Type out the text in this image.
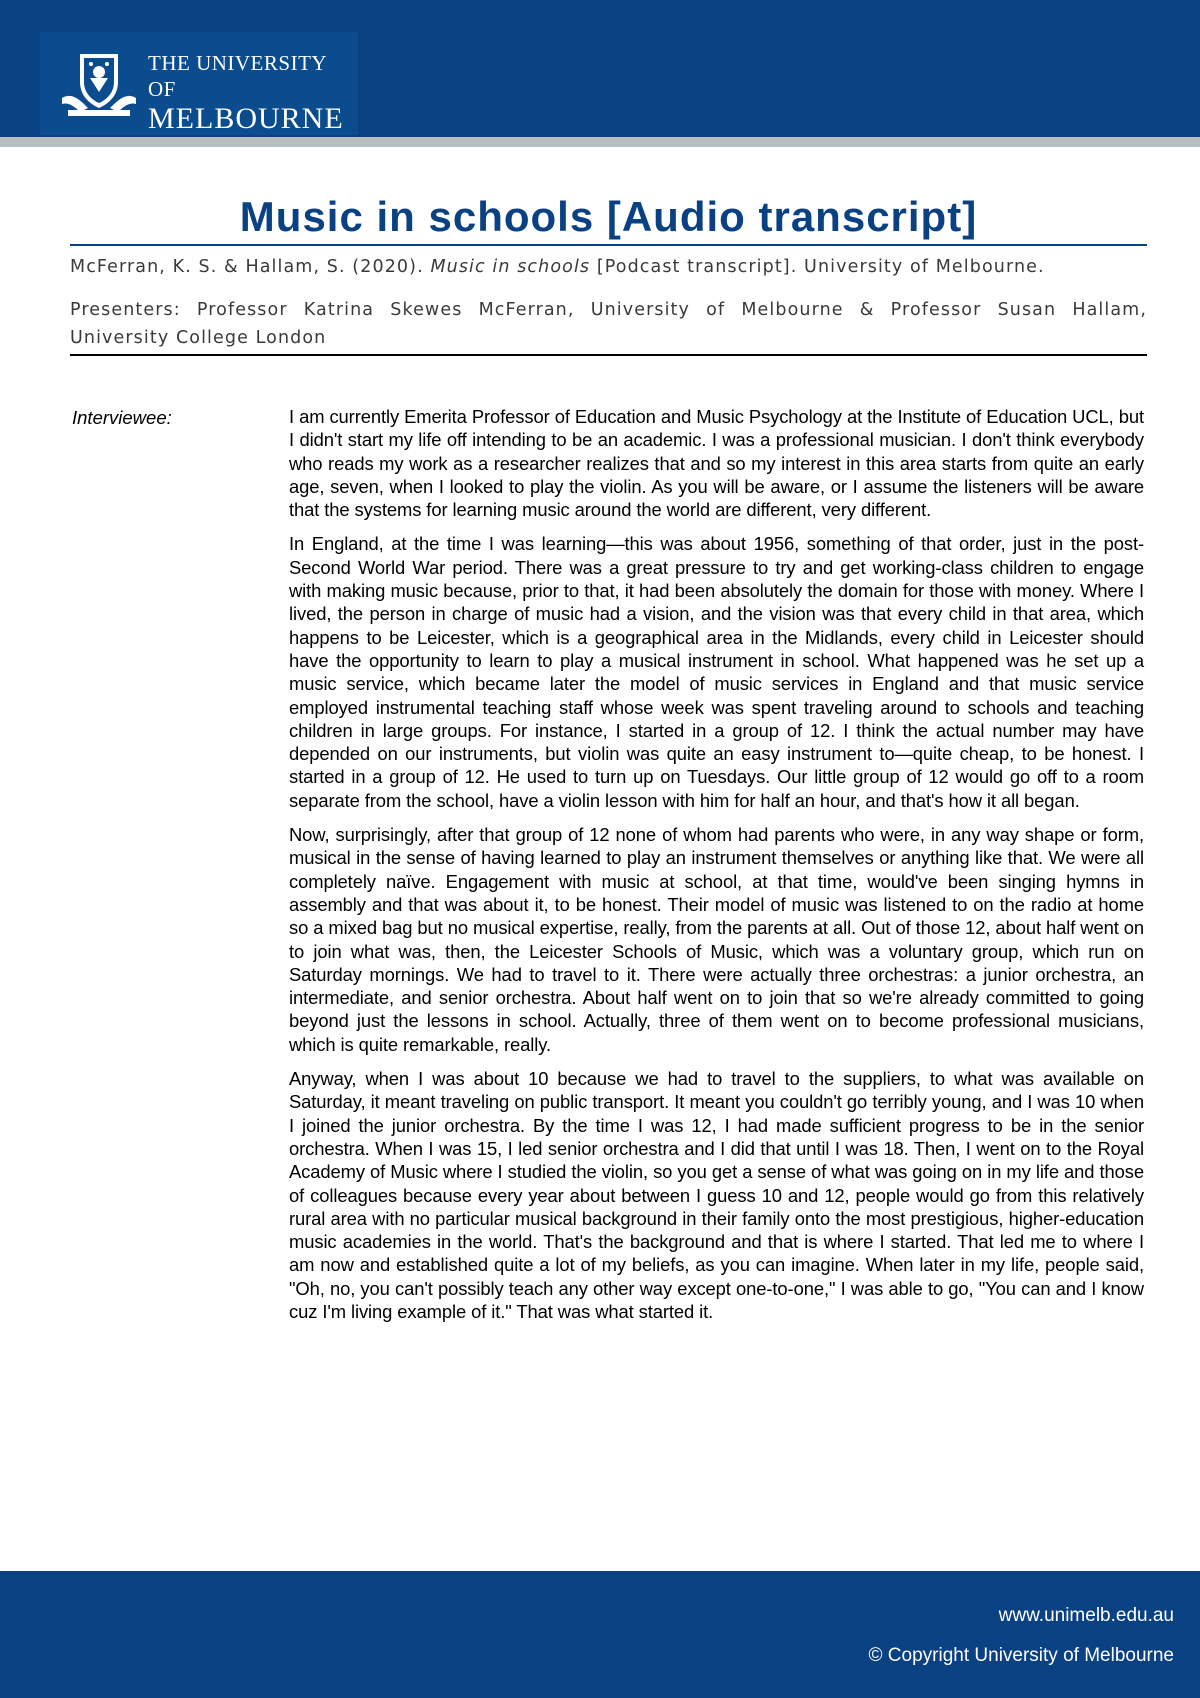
THE UNIVERSITY OF
MELBOURNE
Music in schools [Audio transcript]

McFerran, K. S. & Hallam, S. (2020). Music in schools [Podcast transcript]. University of Melbourne.

Presenters: Professor Katrina Skewes McFerran, University of Melbourne & Professor Susan Hallam, University College London

Interviewee:	I am currently Emerita Professor of Education and Music Psychology at the Institute of Education UCL, but I didn't start my life off intending to be an academic. I was a professional musician. I don't think everybody who reads my work as a researcher realizes that and so my interest in this area starts from quite an early age, seven, when I looked to play the violin. As you will be aware, or I assume the listeners will be aware that the systems for learning music around the world are different, very different.

In England, at the time I was learning—this was about 1956, something of that order, just in the post-Second World War period. There was a great pressure to try and get working-class children to engage with making music because, prior to that, it had been absolutely the domain for those with money. Where I lived, the person in charge of music had a vision, and the vision was that every child in that area, which happens to be Leicester, which is a geographical area in the Midlands, every child in Leicester should have the opportunity to learn to play a musical instrument in school. What happened was he set up a music service, which became later the model of music services in England and that music service employed instrumental teaching staff whose week was spent traveling around to schools and teaching children in large groups. For instance, I started in a group of 12. I think the actual number may have depended on our instruments, but violin was quite an easy instrument to—quite cheap, to be honest. I started in a group of 12. He used to turn up on Tuesdays. Our little group of 12 would go off to a room separate from the school, have a violin lesson with him for half an hour, and that's how it all began.

Now, surprisingly, after that group of 12 none of whom had parents who were, in any way shape or form, musical in the sense of having learned to play an instrument themselves or anything like that. We were all completely naïve. Engagement with music at school, at that time, would've been singing hymns in assembly and that was about it, to be honest. Their model of music was listened to on the radio at home so a mixed bag but no musical expertise, really, from the parents at all. Out of those 12, about half went on to join what was, then, the Leicester Schools of Music, which was a voluntary group, which run on Saturday mornings. We had to travel to it. There were actually three orchestras: a junior orchestra, an intermediate, and senior orchestra. About half went on to join that so we're already committed to going beyond just the lessons in school. Actually, three of them went on to become professional musicians, which is quite remarkable, really.

Anyway, when I was about 10 because we had to travel to the suppliers, to what was available on Saturday, it meant traveling on public transport. It meant you couldn't go terribly young, and I was 10 when I joined the junior orchestra. By the time I was 12, I had made sufficient progress to be in the senior orchestra. When I was 15, I led senior orchestra and I did that until I was 18. Then, I went on to the Royal Academy of Music where I studied the violin, so you get a sense of what was going on in my life and those of colleagues because every year about between I guess 10 and 12, people would go from this relatively rural area with no particular musical background in their family onto the most prestigious, higher-education music academies in the world. That's the background and that is where I started. That led me to where I am now and established quite a lot of my beliefs, as you can imagine. When later in my life, people said, "Oh, no, you can't possibly teach any other way except one-to-one," I was able to go, "You can and I know cuz I'm living example of it." That was what started it.

www.unimelb.edu.au
© Copyright University of Melbourne
